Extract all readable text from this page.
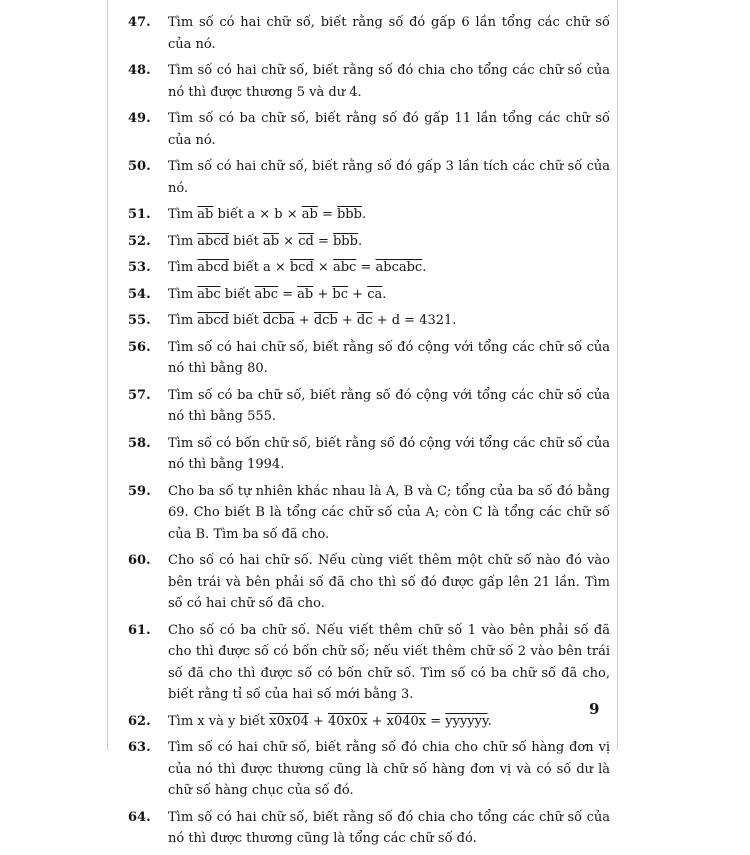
47.	Tìm số có hai chữ số, biết rằng số đó gấp 6 lần tổng các chữ số của nó.
48.	Tìm số có hai chữ số, biết rằng số đó chia cho tổng các chữ số của nó thì được thương 5 và dư 4.
49.	Tìm số có ba chữ số, biết rằng số đó gấp 11 lần tổng các chữ số của nó.
50.	Tìm số có hai chữ số, biết rằng số đó gấp 3 lần tích các chữ số của nó.
51.	Tìm $\overline{ab}$ biết $a \times b \times \overline{ab} = \overline{bbb}$.
52.	Tìm abcd biết $\overline{ab} \times \overline{cd} = \overline{bbb}$.
53.	Tìm abcd biết $a \times \overline{bcd} \times \overline{abc}$ = abcabc.
54.	Tìm $\overline{abc}$ biết $\overline{abc} = \overline{ab} + \overline{bc} + \overline{ca}$.
55.	Tìm abcd biết dcba + $\overline{dcb} + \overline{dc} + d = 4321$.
56.	Tìm số có hai chữ số, biết rằng số đó cộng với tổng các chữ số của nó thì bằng 80.
57.	Tìm số có ba chữ số, biết rằng số đó cộng với tổng các chữ số của nó thì bằng 555.
58.	Tìm số có bốn chữ số, biết rằng số đó cộng với tổng các chữ số của nó thì bằng 1994.
59.	Cho ba số tự nhiên khác nhau là A, B và C; tổng của ba số đó bằng 69. Cho biết B là tổng các chữ số của A; còn C là tổng các chữ số của B. Tìm ba số đã cho.
60.	Cho số có hai chữ số. Nếu cùng viết thêm một chữ số nào đó vào bên trái và bên phải số đã cho thì số đó được gấp lên 21 lần. Tìm số có hai chữ số đã cho.
61.	Cho số có ba chữ số. Nếu viết thêm chữ số 1 vào bên phải số đã cho thì được số có bốn chữ số; nếu viết thêm chữ số 2 vào bên trái số đã cho thì được số có bốn chữ số. Tìm số có ba chữ số đã cho, biết rằng tỉ số của hai số mới bằng 3.
62.	Tìm x và y biết x0x04 + 40x0x + x040x = yyyyyy.
63.	Tìm số có hai chữ số, biết rằng số đó chia cho chữ số hàng đơn vị của nó thì được thương cũng là chữ số hàng đơn vị và có số dư là chữ số hàng chục của số đó.
64.	Tìm số có hai chữ số, biết rằng số đó chia cho tổng các chữ số của nó thì được thương cũng là tổng các chữ số đó.
9
